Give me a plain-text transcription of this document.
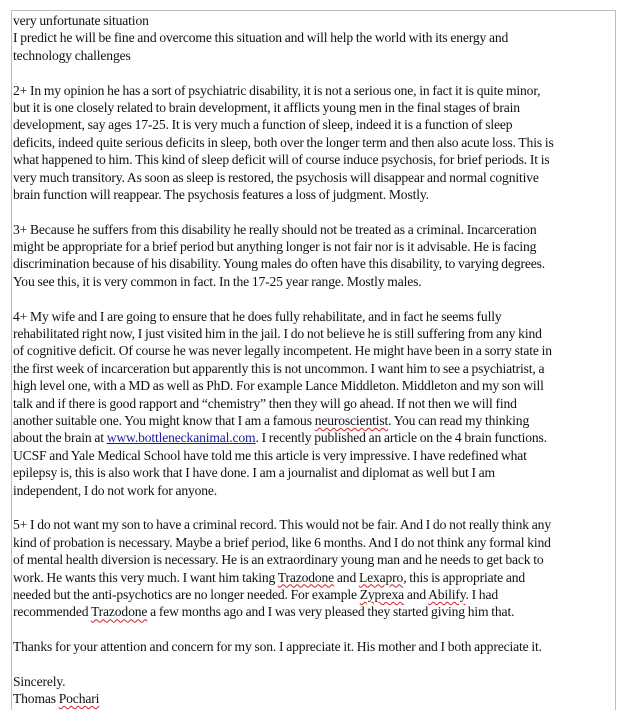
very unfortunate situation
I predict he will be fine and overcome this situation and will help the world with its energy and
technology challenges
2+ In my opinion he has a sort of psychiatric disability, it is not a serious one, in fact it is quite minor,
but it is one closely related to brain development, it afflicts young men in the final stages of brain
development, say ages 17-25. It is very much a function of sleep, indeed it is a function of sleep
deficits, indeed quite serious deficits in sleep, both over the longer term and then also acute loss. This is
what happened to him. This kind of sleep deficit will of course induce psychosis, for brief periods. It is
very much transitory. As soon as sleep is restored, the psychosis will disappear and normal cognitive
brain function will reappear. The psychosis features a loss of judgment. Mostly.
3+ Because he suffers from this disability he really should not be treated as a criminal. Incarceration
might be appropriate for a brief period but anything longer is not fair nor is it advisable. He is facing
discrimination because of his disability. Young males do often have this disability, to varying degrees.
You see this, it is very common in fact. In the 17-25 year range. Mostly males.
4+ My wife and I are going to ensure that he does fully rehabilitate, and in fact he seems fully
rehabilitated right now, I just visited him in the jail. I do not believe he is still suffering from any kind
of cognitive deficit. Of course he was never legally incompetent. He might have been in a sorry state in
the first week of incarceration but apparently this is not uncommon. I want him to see a psychiatrist, a
high level one, with a MD as well as PhD. For example Lance Middleton. Middleton and my son will
talk and if there is good rapport and “chemistry” then they will go ahead. If not then we will find
another suitable one. You might know that I am a famous neuroscientist. You can read my thinking
about the brain at www.bottleneckanimal.com. I recently published an article on the 4 brain functions.
UCSF and Yale Medical School have told me this article is very impressive. I have redefined what
epilepsy is, this is also work that I have done. I am a journalist and diplomat as well but I am
independent, I do not work for anyone.
5+ I do not want my son to have a criminal record. This would not be fair. And I do not really think any
kind of probation is necessary. Maybe a brief period, like 6 months. And I do not think any formal kind
of mental health diversion is necessary. He is an extraordinary young man and he needs to get back to
work. He wants this very much. I want him taking Trazodone and Lexapro, this is appropriate and
needed but the anti-psychotics are no longer needed. For example Zyprexa and Abilify. I had
recommended Trazodone a few months ago and I was very pleased they started giving him that.
Thanks for your attention and concern for my son. I appreciate it. His mother and I both appreciate it.
Sincerely.
Thomas Pochari
